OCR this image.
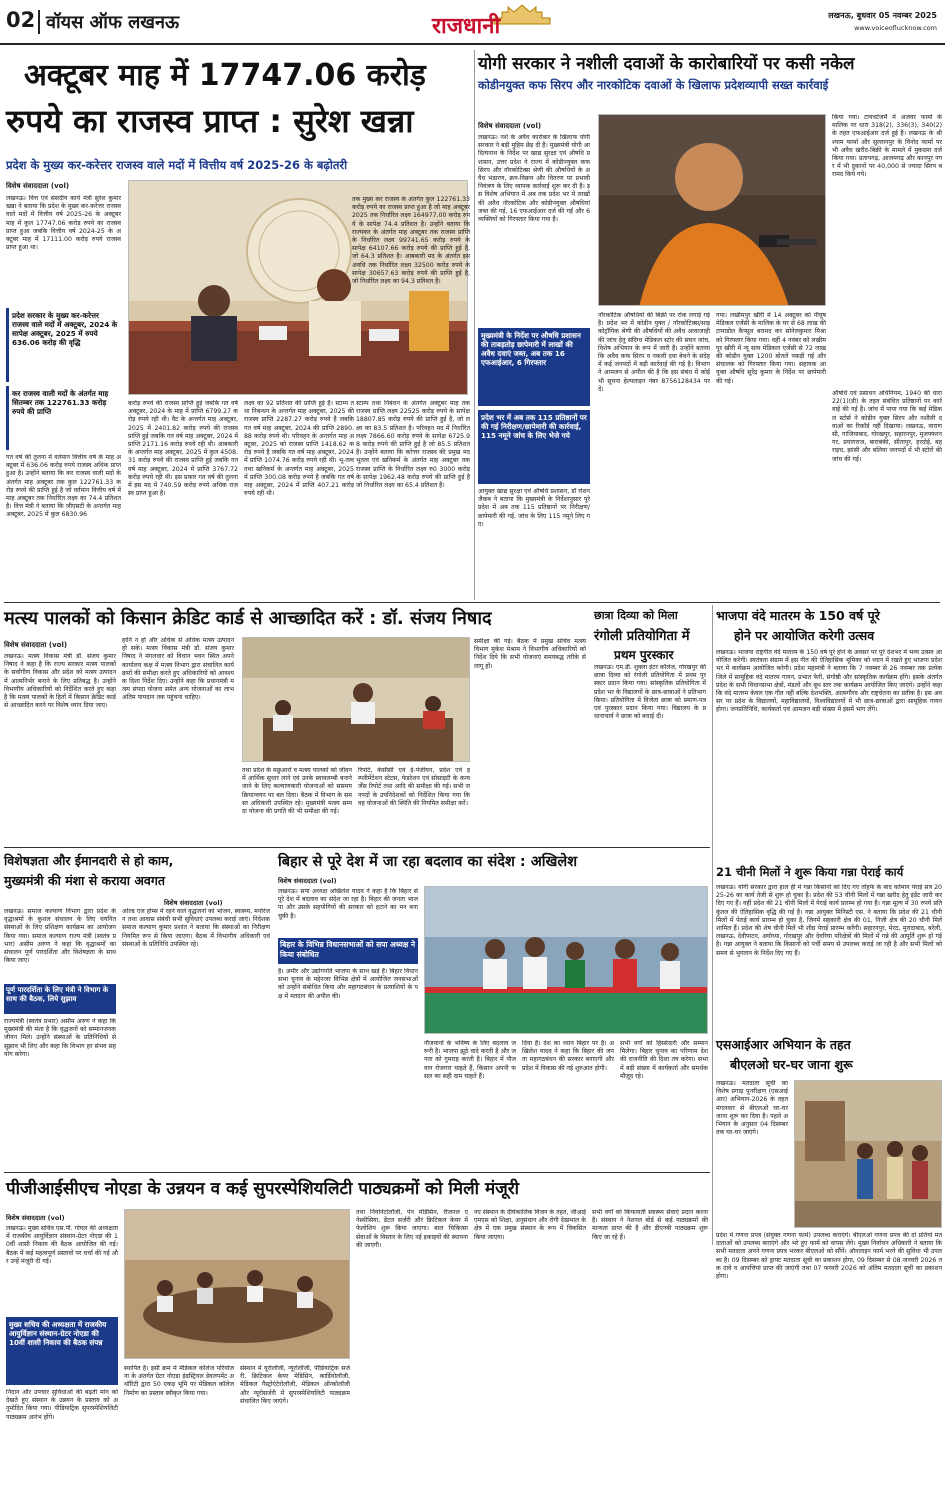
02 वॉयस ऑफ लखनऊ	राजधानी	लखनऊ, बुधवार 05 नवम्बर 2025
www.voiceoflucknow.com
अक्टूबर माह में 17747.06 करोड़
रुपये का राजस्व प्राप्त : सुरेश खन्ना
प्रदेश के मुख्य कर-करेत्तर राजस्व वाले मदों में वित्तीय वर्ष 2025-26 के बढ़ोतरी
विशेष संवाददाता (vol)

लखनऊ। वित्त एवं संसदीय कार्य मंत्री सुरेश कुमार खन्ना ने बताया कि प्रदेश के मुख्य कर-करेत्तर राजस्व वाले मदों में वित्तीय वर्ष 2025-26 के अक्टूबर माह में कुल 17747.06 करोड़ रुपये का राजस्व प्राप्त हुआ जबकि वित्तीय वर्ष 2024-25 के अक्टूबर माह में 17111.00 करोड़ रुपये राजस्व प्राप्त हुआ था।

प्रदेश सरकार के मुख्य कर-करेत्तर राजस्व वाले मदों में अक्टूबर, 2024 के सापेक्ष अक्टूबर, 2025 में रुपये 636.06 करोड़ की वृद्धि
कर राजस्व वाली मदों के अंतर्गत माह सितम्बर तक 122761.33 करोड़ रुपये की प्राप्ति

गत वर्ष की तुलना में वर्तमान वित्तीय वर्ष के माह अक्टूबर में 636.06 करोड़ रुपये राजस्व अधिक प्राप्त हुआ है। उन्होंने बताया कि कर राजस्व वाली मदों के अंतर्गत माह अक्टूबर तक कुल 122761.33 करोड़ रुपये की प्राप्ति हुई है जो वर्तमान वित्तीय वर्ष में माह अक्टूबर तक निर्धारित लक्ष्य का 74.4 प्रतिशत है। वित्त मंत्री ने बताया कि जीएसटी के अन्तर्गत माह अक्टूबर, 2025 में कुल 6830.96

करोड़ रुपये की राजस्व प्राप्ति हुई जबकि गत वर्ष अक्टूबर, 2024 के माह में प्राप्ति 6799.27 करोड़ रुपये रही थी। वैट के अन्तर्गत माह अक्टूबर, 2025 में 2401.82 करोड़ रुपये की राजस्व प्राप्ति हुई जबकि गत वर्ष माह अक्टूबर, 2024 में प्राप्ति 2171.16 करोड़ रुपये रही थी। आबकारी के अन्तर्गत माह अक्टूबर, 2025 में कुल 4508.31 करोड़ रुपये की राजस्व प्राप्ति हुई जबकि गत वर्ष माह अक्टूबर, 2024 में प्राप्ति 3767.72 करोड़ रुपये रही थी। इस प्रकार गत वर्ष की तुलना में इस मद में 740.59 करोड़ रुपये अधिक राजस्व प्राप्त हुआ है।

लक्ष्य का 92 प्रतिशत की प्राप्ति हुई है। स्टाम्प तथा निबन्धन के अन्तर्गत माह अक्टूबर, 2025 की राजस्व प्राप्ति 2287.27 करोड़ रुपये है जबकि गत वर्ष माह अक्टूबर, 2024 की प्राप्ति 2890.88 करोड़ रुपये थी। परिवहन के अन्तर्गत माह अक्टूबर, 2025 को राजस्व प्राप्ति 1418.62 करोड़ रुपये है जबकि गत वर्ष माह अक्टूबर, 2024 में प्राप्ति 1074.76 करोड़ रुपये रही थी। भू-तत्व तथा खनिकर्म के अन्तर्गत माह अक्टूबर, 2025 में प्राप्ति 300.08 करोड़ रुपये है जबकि गत वर्ष माह अक्टूबर, 2024 में प्राप्ति 407.21 करोड़ रुपये रही थी।

तक मुख्य कर राजस्व के अंतर्गत कुल 122761.33 करोड़ रुपये का राजस्व प्राप्त हुआ है जो माह अक्टूबर 2025 तक निर्धारित लक्ष्य 164977.00 करोड़ रुपये के सापेक्ष 74.4 प्रतिशत है। उन्होंने बताया कि राज्यकर के अंतर्गत माह अक्टूबर तक राजस्व प्राप्ति के निर्धारित लक्ष्य 99741.65 करोड़ रुपये के सापेक्ष 64107.66 करोड़ रुपये की प्राप्ति हुई है, जो 64.3 प्रतिशत है। आबकारी मद के अंतर्गत इस अवधि तक निर्धारित लक्ष्य 32500 करोड़ रुपये के सापेक्ष 30657.63 करोड़ रुपये की प्राप्ति हुई है, जो निर्धारित लक्ष्य का 94.3 प्रतिशत है।

स्टाम्प तथा निबंधन के अंतर्गत अक्टूबर माह तक राजस्व प्राप्ति लक्ष्य 22525 करोड़ रुपये के सापेक्ष 18807.85 करोड़ रुपये की प्राप्ति हुई है, जो लक्ष्य का 83.5 प्रतिशत है। परिवहन मद में निर्धारित लक्ष्य 7866.60 करोड़ रुपये के सापेक्ष 6725.98 करोड़ रुपये की प्राप्ति हुई है जो 85.5 प्रतिशत है। उन्होंने बताया कि करेत्तर राजस्व की प्रमुख मद भूतत्व एवं खनिकर्म के अंतर्गत माह अक्टूबर तक राजस्व प्राप्ति के निर्धारित लक्ष्य रु0 3000 करोड़ के सापेक्ष 1962.48 करोड़ रुपये की प्राप्ति हुई है जो निर्धारित लक्ष्य का 65.4 प्रतिशत है।

योगी सरकार ने नशीली दवाओं के कारोबारियों पर कसी नकेल
कोडीनयुक्त कफ सिरप और नारकोटिक दवाओं के खिलाफ प्रदेशव्यापी सख्त कार्रवाई
विशेष संवाददाता (vol)

लखनऊ। नशे के अवैध कारोबार के खिलाफ योगी सरकार ने बड़ी मुहिम छेड़ दी है। मुख्यमंत्री योगी आदित्यनाथ के निर्देश पर खाद्य सुरक्षा एवं औषधि प्रशासन, उत्तर प्रदेश ने राज्य में कोडीनयुक्त कफ सिरप और नॉरकोटिक्स श्रेणी की औषधियों के अवैध भंडारण, क्रय-विक्रय और वितरण पर प्रभावी नियंत्रण के लिए व्यापक कार्रवाई शुरू कर दी है। इस विशेष अभियान में अब तक प्रदेश भर में लाखों की अवैध नॉरकोटिक और कोडीनयुक्त औषधियां जब्त की गई, 16 एफआईआर दर्ज की गईं और 6 व्यक्तियों को गिरफ्तार किया गया है।

मुख्यमंत्री के निर्देश पर औषधि प्रशासन की ताबड़तोड़ छापेमारी में लाखों की अवैध दवाएं जब्त, अब तक 16 एफआईआर, 6 गिरफ्तार
प्रदेश भर में अब तक 115 प्रतिष्ठानों पर की गई निरीक्षण/छापेमारी की कार्रवाई, 115 नमूने जांच के लिए भेजे गये

आयुक्त खाद्य सुरक्षा एवं औषधि प्रशासन, डॉ रोशन जैकब ने बताया कि मुख्यमंत्री के निर्देशानुसार पूरे प्रदेश में अब तक 115 प्रतिष्ठानों पर निरीक्षण/छापेमारी की गई, जांच के लिए 115 नमूने लिए गए।

नॉरकोटिक औषधियों की बिक्री पर रोक लगाई गई है। प्रदेश भर में कोडीन युक्त / नॉरकोटिक्स/साइकोट्रॉपिक श्रेणी की औषधियों की अवैध आवाजाही की जांच हेतु संदिग्ध मेडिकल स्टोर की सघन जांच, विशेष अभियान के रूप में जारी है। उन्होंने बताया कि अवैध कफ सिरप व नकली दवा बेचने के संदेह में कई जनपदों में बड़ी कार्रवाई की गई है। विभाग ने आमजन से अपील की है कि इस संबंध में कोई भी सूचना हेल्पलाइन नंबर 8756128434 पर दें।

गया। लखीमपुर खीरी में 14 अक्टूबर को पीयूष मेडिकल एजेंसी के मालिक के घर से 68 लाख की टामाडोल कैप्सूल बरामद कर सोनेलकुमार मिश्रा को गिरफ्तार किया गया। वहीं 4 नवंबर को लखीमपुर खीरी में न्यू साय मेडिकल एजेंसी से 72 लाख की कोडीन युक्त 1200 बोतलें पकड़ी गई और संचालक को गिरफ्तार किया गया। सहायक आयुक्त औषधि सुरेंद्र कुमार के निर्देश पर छापेमारी की गई।

किया गया। टायवर्टेजमैं में अजवर फार्मा के मालिक पर धारा 318(2), 336(3), 340(2) के तहत एफआईआर दर्ज हुई है। लखनऊ के श्री श्याम फार्मा और सुल्तानपुर के विनोद फार्मा पर भी अवैध खरीद-बिक्री के मामले में मुकदमा दर्ज किया गया। प्रतापगढ़, आजमगढ़ और कानपुर नगर में भी दुकानों पर 40,000 से ज्यादा सिरप बरामद किये गये।

औषधि एवं प्रसाधन अधिनियम, 1940 की धारा 22(1)(डी) के तहत संबंधित प्रतिष्ठानों पर कार्रवाई की गई है। जांच में पाया गया कि कई मेडिकल स्टोर्स ने कोडीन युक्त सिरप और नशीली दवाओं का रिकॉर्ड नहीं दिखाया। लखनऊ, वाराणसी, गाजियाबाद, गोरखपुर, सहारनपुर, मुजफ्फरनगर, प्रयागराज, बाराबंकी, सीतापुर, हरदोई, बहराइच, झांसी और बलिया जनपदों में भी स्टोरों की जांच की गई।

मत्स्य पालकों को किसान क्रेडिट कार्ड से आच्छादित करें : डॉ. संजय निषाद
विशेष संवाददाता (vol)

लखनऊ। मत्स्य विकास मंत्री डॉ. संजय कुमार निषाद ने कहा है कि राज्य सरकार मत्स्य पालकों के सर्वांगीण विकास और प्रदेश को मत्स्य उत्पादन में आत्मनिर्भर बनाने के लिए प्रतिबद्ध है। उन्होंने विभागीय अधिकारियों को निर्देशित करते हुए कहा है कि मत्स्य पालकों के हितों में किसान क्रेडिट कार्ड से आच्छादित करने पर विशेष ध्यान दिया जाए।

हानि न हो और अधिक से अधिक मत्स्य उत्पादन हो सके। मत्स्य विकास मंत्री डॉ. संजय कुमार निषाद ने मंगलवार को विधान भवन स्थित अपने कार्यालय कक्ष में मत्स्य विभाग द्वारा संचालित कार्यक्रमों की समीक्षा करते हुए अधिकारियों को आवश्यक दिशा निर्देश दिए। उन्होंने कहा कि प्रधानमंत्री मत्स्य संपदा योजना समेत अन्य योजनाओं का लाभ अंतिम पायदान तक पहुंचना चाहिए।

तथा प्रदेश के मछुआरों व मत्स्य पालकों को जीवन में आर्थिक सुधार लाने एवं उनके स्वावलम्बी बनाने जाने के लिए कल्याणकारी योजनाओं को ससमय क्रियान्वयन पर बल दिया। बैठक में विभाग के समस्त अधिकारी उपस्थित रहे। मुख्यमंत्री मत्स्य सम्पदा योजना की प्रगति की भी समीक्षा की गई।

रिपोर्ट, केसीसी एवं ई-पंजीयन, प्रदेश एवं इम्प्लीमेंटेशन स्टेटस, फेडरेशन एवं सोसाइटी के कन्वर्जेंस रिपोर्ट तथा आदि की समीक्षा की गई। सभी जनपदों के उपनिदेशकों को निर्देशित किया गया कि वह योजनाओं की स्थिति की नियमित समीक्षा करें।

समीक्षा की गई। बैठक में प्रमुख सचिव मत्स्य विभाग मुकेश मेश्राम ने विभागीय अधिकारियों को निर्देश दिये कि सभी योजनाएं समयबद्ध तरीके से लागू हों।

छात्रा दिव्या को मिला
रंगोली प्रतियोगिता में
प्रथम पुरस्कार

लखनऊ। एम.डी. शुक्ला इंटर कॉलेज, गोरखपुर की छात्रा दिव्या को रंगोली प्रतियोगिता में प्रथम पुरस्कार प्रदान किया गया। सांस्कृतिक प्रतियोगिता में प्रदेश भर के विद्यालयों के छात्र-छात्राओं ने प्रतिभाग किया। प्रतियोगिता में विजेता छात्रा को प्रमाण-पत्र एवं पुरस्कार प्रदान किया गया। विद्यालय के प्रधानाचार्य ने छात्रा को बधाई दी।

भाजपा वंदे मातरम के 150 वर्ष पूरे
होने पर आयोजित करेगी उत्सव

लखनऊ। भाजपा राष्ट्रगीत वंदे मातरम के 150 वर्ष पूरे होने के अवसर पर पूरे देशभर में भव्य उत्सव आयोजित करेगी। स्वतंत्रता संग्राम में इस गीत की ऐतिहासिक भूमिका को ध्यान में रखते हुए भाजपा प्रदेश भर में कार्यक्रम आयोजित करेगी। प्रदेश महामंत्री ने बताया कि 7 नवम्बर से 26 नवम्बर तक प्रत्येक जिले में सामूहिक वंदे मातरम गायन, प्रभात फेरी, संगोष्ठी और सांस्कृतिक कार्यक्रम होंगे। इसके अंतर्गत प्रदेश के सभी विधानसभा क्षेत्रों, मंडलों और बूथ स्तर तक कार्यक्रम आयोजित किए जाएंगे। उन्होंने कहा कि वंदे मातरम केवल एक गीत नहीं बल्कि देशभक्ति, आत्मगौरव और राष्ट्रचेतना का प्रतीक है। इस अवसर पर प्रदेश के विद्यालयों, महाविद्यालयों, विश्वविद्यालयों में भी छात्र-छात्राओं द्वारा सामूहिक गायन होगा। जनप्रतिनिधि, कार्यकर्ता एवं आमजन बड़ी संख्या में इसमें भाग लेंगे।

21 चीनी मिलों ने शुरू किया गन्ना पेराई कार्य

लखनऊ। योगी सरकार द्वारा हाल ही में गन्ना किसानों को दिए गए तोहफे के बाद वर्तमान पेराई सत्र 2025-26 का कार्य तेजी से शुरू हो चुका है। प्रदेश की 53 चीनी मिलों में गन्ना खरीद हेतु इंडेंट जारी कर दिए गए हैं। वहीं प्रदेश की 21 चीनी मिलों में पेराई कार्य प्रारम्भ हो गया है। गन्ना मूल्य में 30 रुपये प्रति कुंतल की ऐतिहासिक वृद्धि की गई है। गन्ना आयुक्त मिनिस्टी एस. ने बताया कि प्रदेश की 21 चीनी मिलों में पेराई कार्य प्रारम्भ हो चुका है, जिनमें सहकारी क्षेत्र की 01, निजी क्षेत्र की 20 चीनी मिलें शामिल हैं। प्रदेश की शेष चीनी मिलें भी शीघ्र पेराई प्रारम्भ करेंगी। सहारनपुर, मेरठ, मुरादाबाद, बरेली, लखनऊ, देवीपाटन, अयोध्या, गोरखपुर और देवरिया परिक्षेत्रों की मिलों में गन्ने की आपूर्ति शुरू हो गई है। गन्ना आयुक्त ने बताया कि किसानों को पर्ची समय से उपलब्ध कराई जा रही है और सभी मिलों को समय से भुगतान के निर्देश दिए गए हैं।

विशेषज्ञता और ईमानदारी से हो काम,
मुख्यमंत्री की मंशा से कराया अवगत
विशेष संवाददाता (vol)

लखनऊ। समाज कल्याण विभाग द्वारा प्रदेश के वृद्धाश्रमों के कुशल संचालन के लिए चयनित संस्थाओं के लिए प्रशिक्षण कार्यक्रम का आयोजन किया गया। समाज कल्याण राज्य मंत्री (स्वतंत्र प्रभार) असीम अरुण ने कहा कि वृद्धाश्रमों का संचालन पूर्ण पारदर्शिता और विशेषज्ञता के साथ किया जाए।

पूर्ण पारदर्शिता के लिए मंत्री ने विभाग के साथ की बैठक, लिये सुझाव

राज्यमंत्री (स्वतंत्र प्रभार) असीम अरुण ने कहा कि मुख्यमंत्री की मंशा है कि वृद्धजनों को सम्मानजनक जीवन मिले। उन्होंने संस्थाओं के प्रतिनिधियों से सुझाव भी लिए और कहा कि विभाग हर संभव सहयोग करेगा।

ओल्ड एज होम्स में रहने वाले वृद्धजनों को भोजन, स्वास्थ्य, मनोरंजन तथा आवास संबंधी सभी सुविधाएं उपलब्ध कराई जाएं। निदेशक समाज कल्याण कुमार प्रशांत ने बताया कि संस्थाओं का निरीक्षण नियमित रूप से किया जाएगा। बैठक में विभागीय अधिकारी एवं संस्थाओं के प्रतिनिधि उपस्थित रहे।

बिहार से पूरे देश में जा रहा बदलाव का संदेश : अखिलेश
विशेष संवाददाता (vol)

लखनऊ। सपा अध्यक्ष अखिलेश यादव ने कहा है कि बिहार से पूरे देश में बदलाव का संदेश जा रहा है। बिहार की जनता भाजपा और उसके सहयोगियों की सरकार को हटाने का मन बना चुकी है।

बिहार के विभिन्न विधानसभाओं को सपा अध्यक्ष ने किया संबोधित

है। अमीर और उद्योगपति भाजपा के साथ खड़े हैं। बिहार विधानसभा चुनाव के मद्देनजर विभिन्न क्षेत्रों में आयोजित जनसभाओं को उन्होंने संबोधित किया और महागठबंधन के प्रत्याशियों के पक्ष में मतदान की अपील की।

नौजवानों के भविष्य के लिए बदलाव जरूरी है। भाजपा झूठे वादे करती है और जनता को गुमराह करती है। बिहार में नौजवान रोजगार चाहते हैं, किसान अपनी फसल का सही दाम चाहते हैं।

दिया है। देश का ध्यान बिहार पर है। अखिलेश यादव ने कहा कि बिहार की जनता महागठबंधन की सरकार बनाएगी और प्रदेश में विकास की नई शुरुआत होगी।

सभी वर्गों को हिस्सेदारी और सम्मान मिलेगा। बिहार चुनाव का परिणाम देश की राजनीति की दिशा तय करेगा। सभा में बड़ी संख्या में कार्यकर्ता और समर्थक मौजूद रहे।

एसआईआर अभियान के तहत
बीएलओ घर-घर जाना शुरू

लखनऊ। मतदाता सूची का विशेष प्रगाढ़ पुनरीक्षण (एसआईआर) अभियान-2026 के तहत मंगलवार से बीएलओ घर-घर जाना शुरू कर दिया है। पहले अभियान के अनुसार 04 दिसम्बर तक घर-घर जाएंगे।

प्रदेश में गणना प्रपत्र (संयुक्त गणना फार्म) उपलब्ध कराएंगे। बीएलओ गणना प्रपत्र की दो प्रतियां मतदाताओं को उपलब्ध कराएंगे और भरे हुए फार्म को वापस लेंगे। मुख्य निर्वाचन अधिकारी ने बताया कि सभी मतदाता अपने गणना प्रपत्र भरकर बीएलओ को सौंपें। ऑनलाइन फार्म भरने की सुविधा भी उपलब्ध है। 09 दिसम्बर को ड्राफ्ट मतदाता सूची का प्रकाशन होगा, 09 दिसम्बर से 08 जनवरी 2026 तक दावे व आपत्तियां प्राप्त की जाएंगी तथा 07 फरवरी 2026 को अंतिम मतदाता सूची का प्रकाशन होगा।

पीजीआईसीएच नोएडा के उन्नयन व कई सुपरस्पेशियलिटी पाठ्यक्रमों को मिली मंजूरी
विशेष संवाददाता (vol)

लखनऊ। मुख्य सचिव एस.पी. गोयल की अध्यक्षता में राजकीय आयुर्विज्ञान संस्थान-ग्रेटर नोएडा की 10वीं शासी निकाय की बैठक आयोजित की गई। बैठक में कई महत्वपूर्ण प्रस्तावों पर चर्चा की गई और उन्हें मंजूरी दी गई।

मुख्य सचिव की अध्यक्षता में राजकीय आयुर्विज्ञान संस्थान-ग्रेटर नोएडा की 10वीं शासी निकाय की बैठक संपन्न

निदान और उपचार सुविधाओं की बढ़ती मांग को देखते हुए संस्थान के उन्नयन के प्रस्ताव को अनुमोदित किया गया। पीडियाट्रिक सुपरस्पेशियलिटी पाठ्यक्रम आरंभ होंगे।

स्थापित है। इसी क्रम में मेडिकल कॉलेज परियोजना के अंतर्गत ग्रेटर नोएडा इंडस्ट्रियल डेवलपमेंट अथॉरिटी द्वारा 50 एकड़ भूमि पर मेडिकल कॉलेज निर्माण का प्रस्ताव स्वीकृत किया गया।

संस्थान में यूरोलॉजी, न्यूरोलॉजी, पीडियाट्रिक सर्जरी, क्रिटिकल केयर मेडिसिन, कार्डियोलॉजी, मेडिकल गैस्ट्रोएंटेरोलॉजी, मेडिकल ऑन्कोलॉजी और न्यूरोसर्जरी में सुपरस्पेशियलिटी पाठ्यक्रम संचालित किए जाएंगे।

तथा नियोनेटोलॉजी, पेन मेडिसिन, रीजनल एनेस्थीसिया, डेंटल सर्जरी और क्रिटिकल केयर में फेलोशिप शुरू किया जाएगा। बाल चिकित्सा सेवाओं के विस्तार के लिए नई इकाइयों की स्थापना की जाएगी।

नए संस्थान के दीर्घकालिक विजन के तहत, जीआईएमएस को शिक्षा, अनुसंधान और रोगी देखभाल के क्षेत्र में एक प्रमुख संस्थान के रूप में विकसित किया जाएगा।

सभी वर्गों को किफायती स्वास्थ्य सेवाएं प्रदान करना है। संस्थान ने नेशनल बोर्ड से कई पाठ्यक्रमों की मान्यता प्राप्त की है और डीएनबी पाठ्यक्रम शुरू किए जा रहे हैं।
